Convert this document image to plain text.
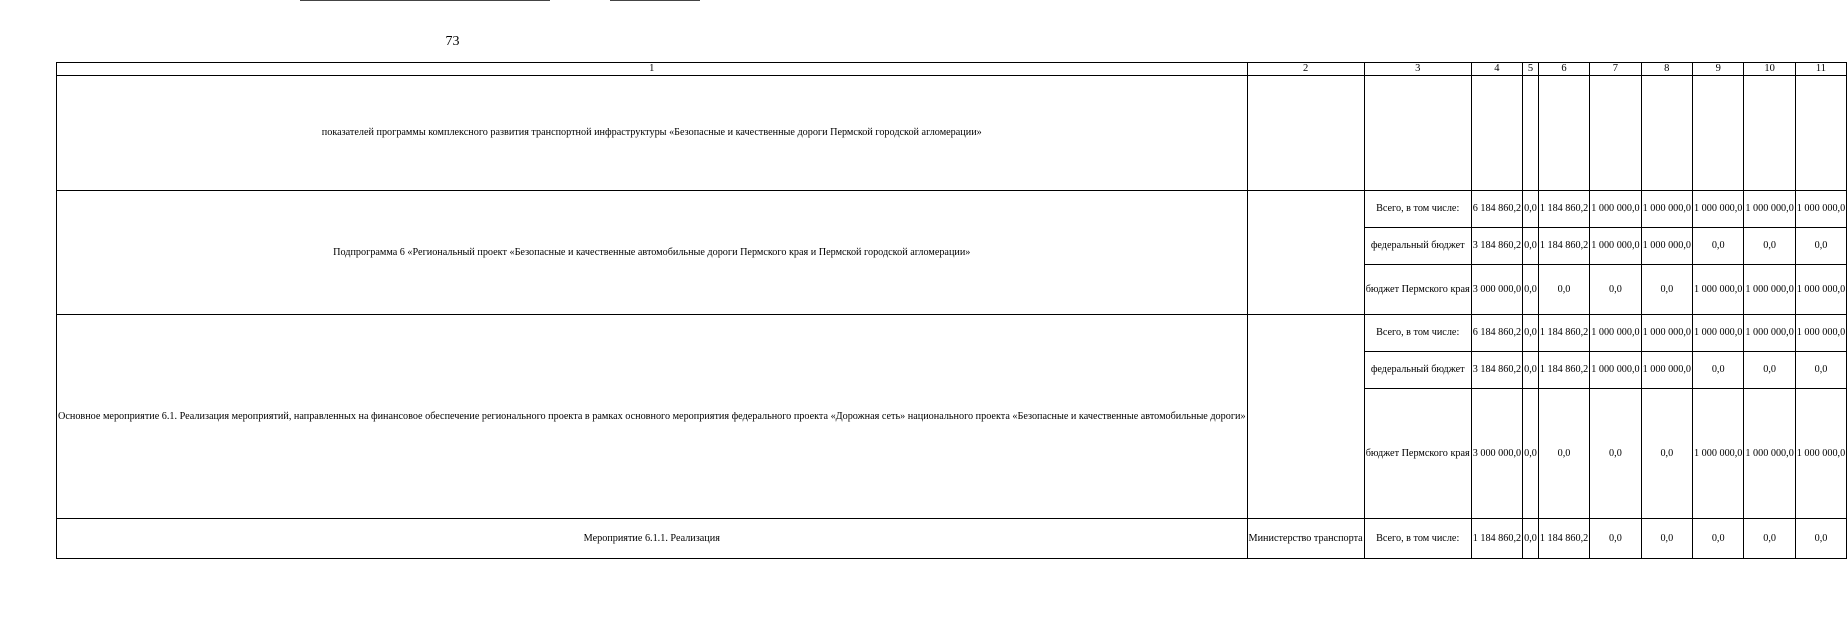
73
1	2	3	4	5	6	7	8	9	10	11
показателей программы комплексного развития транспортной инфраструктуры «Безопасные и качественные дороги Пермской городской агломерации»										
Подпрограмма 6 «Региональный проект «Безопасные и качественные автомобильные дороги Пермского края и Пермской городской агломерации»		Всего, в том числе:	6 184 860,2	0,0	1 184 860,2	1 000 000,0	1 000 000,0	1 000 000,0	1 000 000,0	1 000 000,0
		федеральный бюджет	3 184 860,2	0,0	1 184 860,2	1 000 000,0	1 000 000,0	0,0	0,0	0,0
		бюджет Пермского края	3 000 000,0	0,0	0,0	0,0	0,0	1 000 000,0	1 000 000,0	1 000 000,0
Основное мероприятие 6.1. Реализация мероприятий, направленных на финансовое обеспечение регионального проекта в рамках основного мероприятия федерального проекта «Дорожная сеть» национального проекта «Безопасные и качественные автомобильные дороги»		Всего, в том числе:	6 184 860,2	0,0	1 184 860,2	1 000 000,0	1 000 000,0	1 000 000,0	1 000 000,0	1 000 000,0
		федеральный бюджет	3 184 860,2	0,0	1 184 860,2	1 000 000,0	1 000 000,0	0,0	0,0	0,0
		бюджет Пермского края	3 000 000,0	0,0	0,0	0,0	0,0	1 000 000,0	1 000 000,0	1 000 000,0
Мероприятие 6.1.1. Реализация	Министерство транспорта	Всего, в том числе:	1 184 860,2	0,0	1 184 860,2	0,0	0,0	0,0	0,0	0,0
